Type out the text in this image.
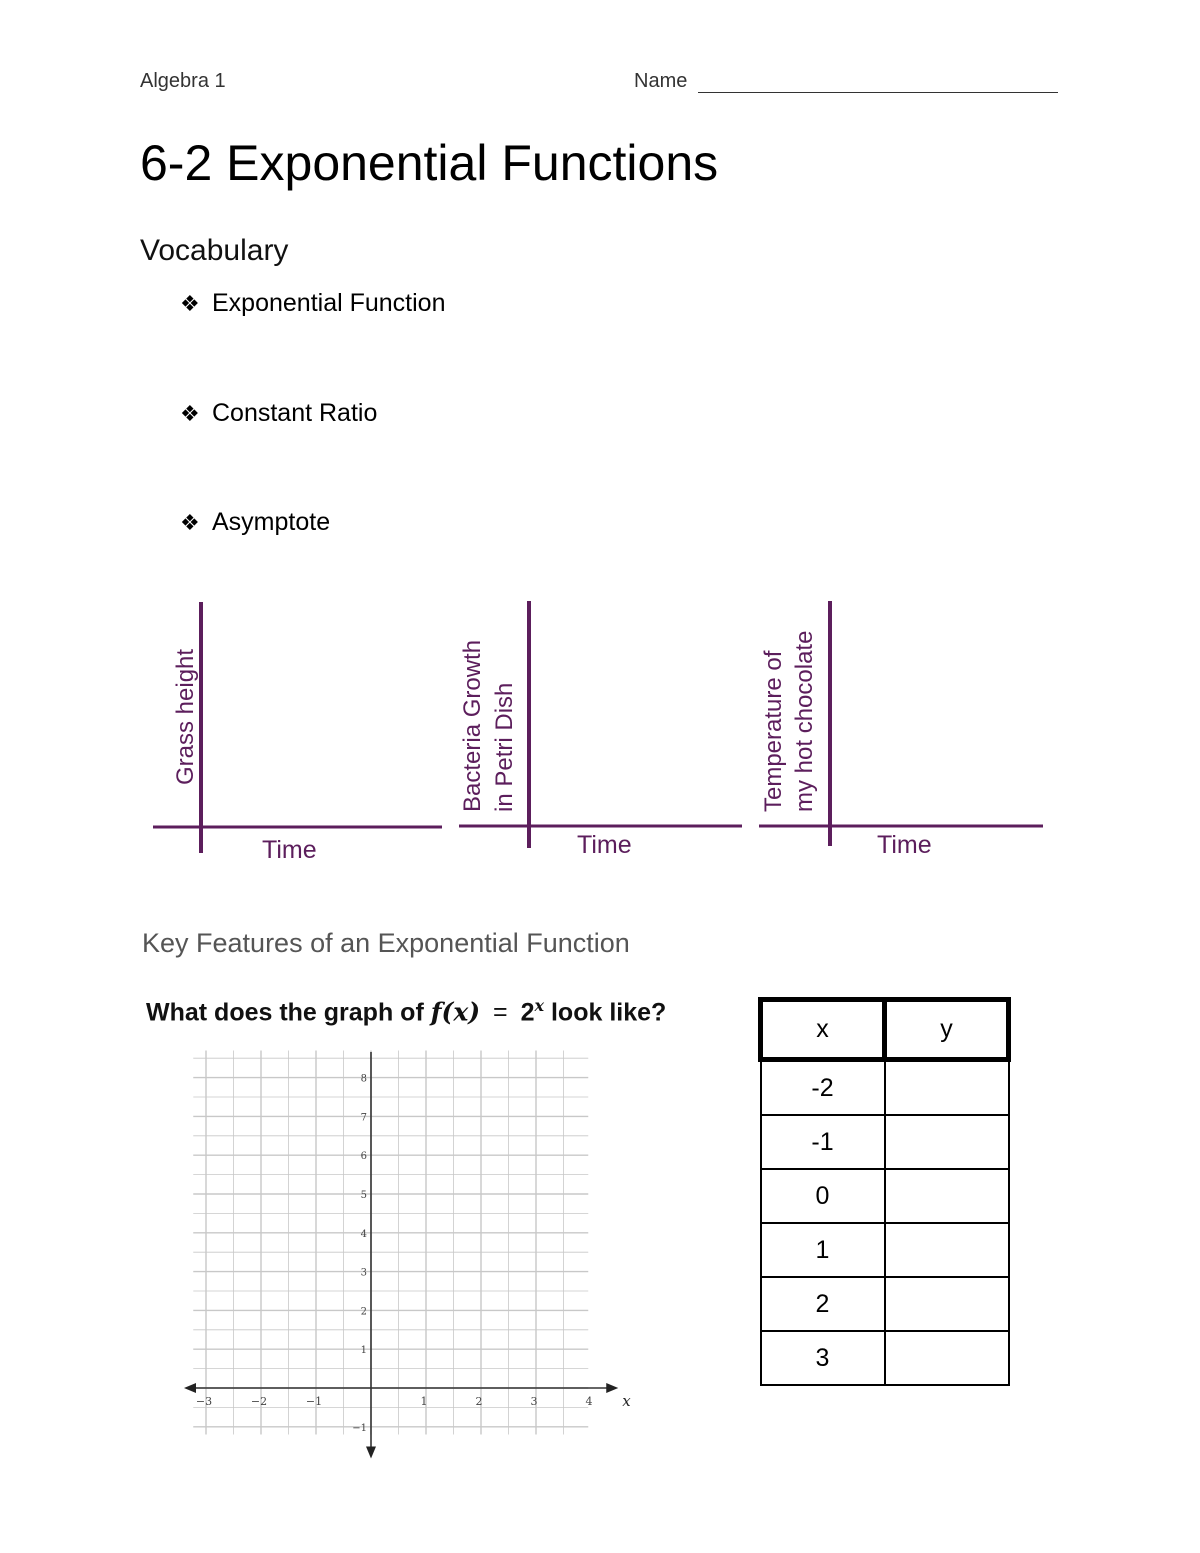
Algebra 1	Name
6-2 Exponential Functions
Vocabulary
❖ Exponential Function
❖ Constant Ratio
❖ Asymptote
Grass height
Time
Bacteria Growth in Petri Dish
Time
Temperature of my hot chocolate
Time
Key Features of an Exponential Function
What does the graph of $f(x) = 2^x$ look like?
−3	−2	−1	1	2	3	4
8
7
6
5
4
3
2
1
−1
x
x	y
-2	
-1	
0	
1	
2	
3	
